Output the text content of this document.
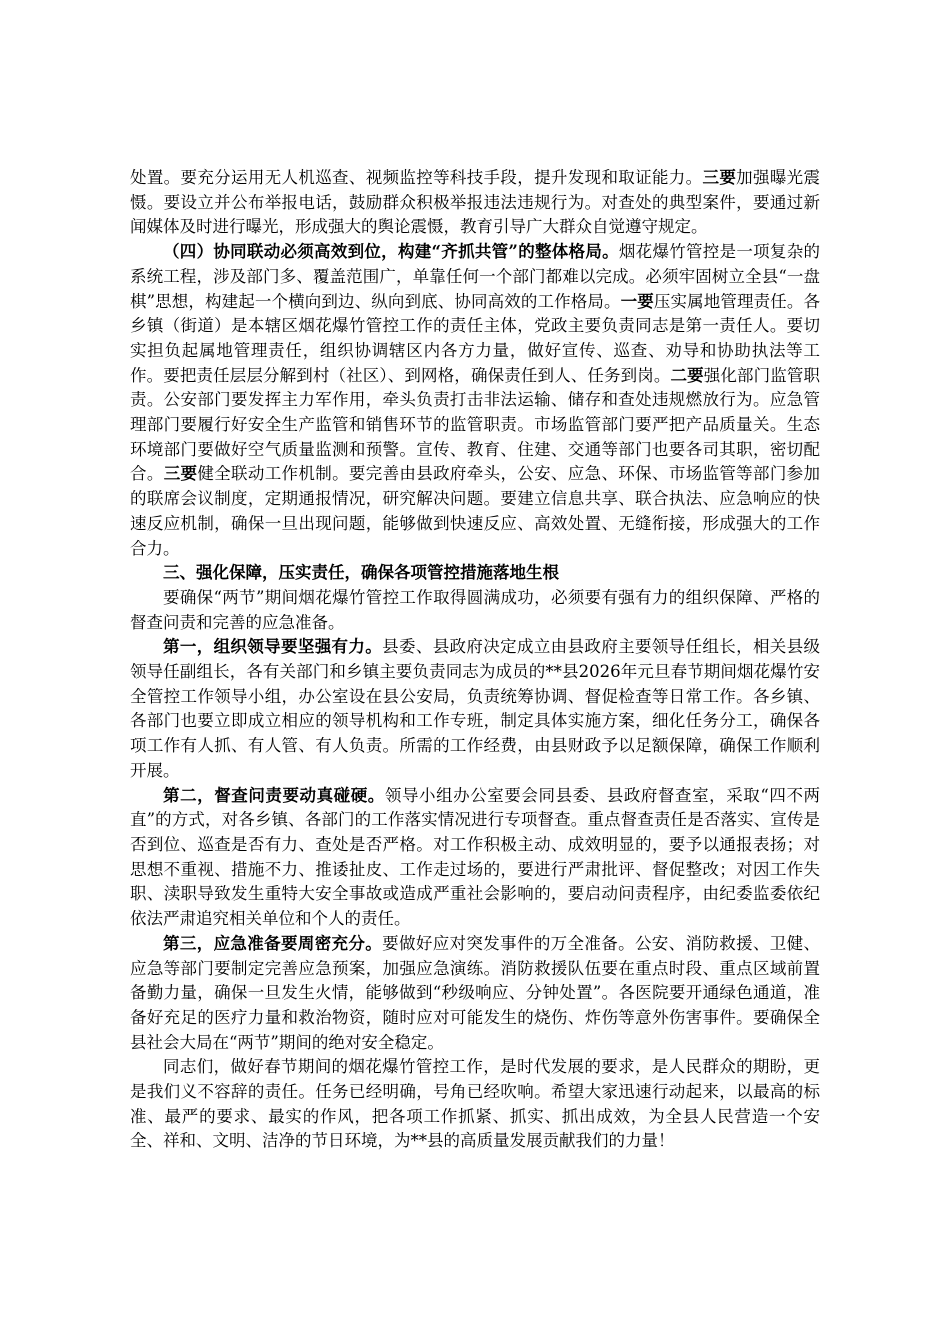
处置。要充分运用无人机巡查、视频监控等科技手段，提升发现和取证能力。三要加强曝光震慑。要设立并公布举报电话，鼓励群众积极举报违法违规行为。对查处的典型案件，要通过新闻媒体及时进行曝光，形成强大的舆论震慑，教育引导广大群众自觉遵守规定。

（四）协同联动必须高效到位，构建“齐抓共管”的整体格局。烟花爆竹管控是一项复杂的系统工程，涉及部门多、覆盖范围广，单靠任何一个部门都难以完成。必须牢固树立全县“一盘棋”思想，构建起一个横向到边、纵向到底、协同高效的工作格局。一要压实属地管理责任。各乡镇（街道）是本辖区烟花爆竹管控工作的责任主体，党政主要负责同志是第一责任人。要切实担负起属地管理责任，组织协调辖区内各方力量，做好宣传、巡查、劝导和协助执法等工作。要把责任层层分解到村（社区）、到网格，确保责任到人、任务到岗。二要强化部门监管职责。公安部门要发挥主力军作用，牵头负责打击非法运输、储存和查处违规燃放行为。应急管理部门要履行好安全生产监管和销售环节的监管职责。市场监管部门要严把产品质量关。生态环境部门要做好空气质量监测和预警。宣传、教育、住建、交通等部门也要各司其职，密切配合。三要健全联动工作机制。要完善由县政府牵头，公安、应急、环保、市场监管等部门参加的联席会议制度，定期通报情况，研究解决问题。要建立信息共享、联合执法、应急响应的快速反应机制，确保一旦出现问题，能够做到快速反应、高效处置、无缝衔接，形成强大的工作合力。

三、强化保障，压实责任，确保各项管控措施落地生根

要确保“两节”期间烟花爆竹管控工作取得圆满成功，必须要有强有力的组织保障、严格的督查问责和完善的应急准备。

第一，组织领导要坚强有力。县委、县政府决定成立由县政府主要领导任组长，相关县级领导任副组长，各有关部门和乡镇主要负责同志为成员的**县2026年元旦春节期间烟花爆竹安全管控工作领导小组，办公室设在县公安局，负责统筹协调、督促检查等日常工作。各乡镇、各部门也要立即成立相应的领导机构和工作专班，制定具体实施方案，细化任务分工，确保各项工作有人抓、有人管、有人负责。所需的工作经费，由县财政予以足额保障，确保工作顺利开展。

第二，督查问责要动真碰硬。领导小组办公室要会同县委、县政府督查室，采取“四不两直”的方式，对各乡镇、各部门的工作落实情况进行专项督查。重点督查责任是否落实、宣传是否到位、巡查是否有力、查处是否严格。对工作积极主动、成效明显的，要予以通报表扬；对思想不重视、措施不力、推诿扯皮、工作走过场的，要进行严肃批评、督促整改；对因工作失职、渎职导致发生重特大安全事故或造成严重社会影响的，要启动问责程序，由纪委监委依纪依法严肃追究相关单位和个人的责任。

第三，应急准备要周密充分。要做好应对突发事件的万全准备。公安、消防救援、卫健、应急等部门要制定完善应急预案，加强应急演练。消防救援队伍要在重点时段、重点区域前置备勤力量，确保一旦发生火情，能够做到“秒级响应、分钟处置”。各医院要开通绿色通道，准备好充足的医疗力量和救治物资，随时应对可能发生的烧伤、炸伤等意外伤害事件。要确保全县社会大局在“两节”期间的绝对安全稳定。

同志们，做好春节期间的烟花爆竹管控工作，是时代发展的要求，是人民群众的期盼，更是我们义不容辞的责任。任务已经明确，号角已经吹响。希望大家迅速行动起来，以最高的标准、最严的要求、最实的作风，把各项工作抓紧、抓实、抓出成效，为全县人民营造一个安全、祥和、文明、洁净的节日环境，为**县的高质量发展贡献我们的力量！
